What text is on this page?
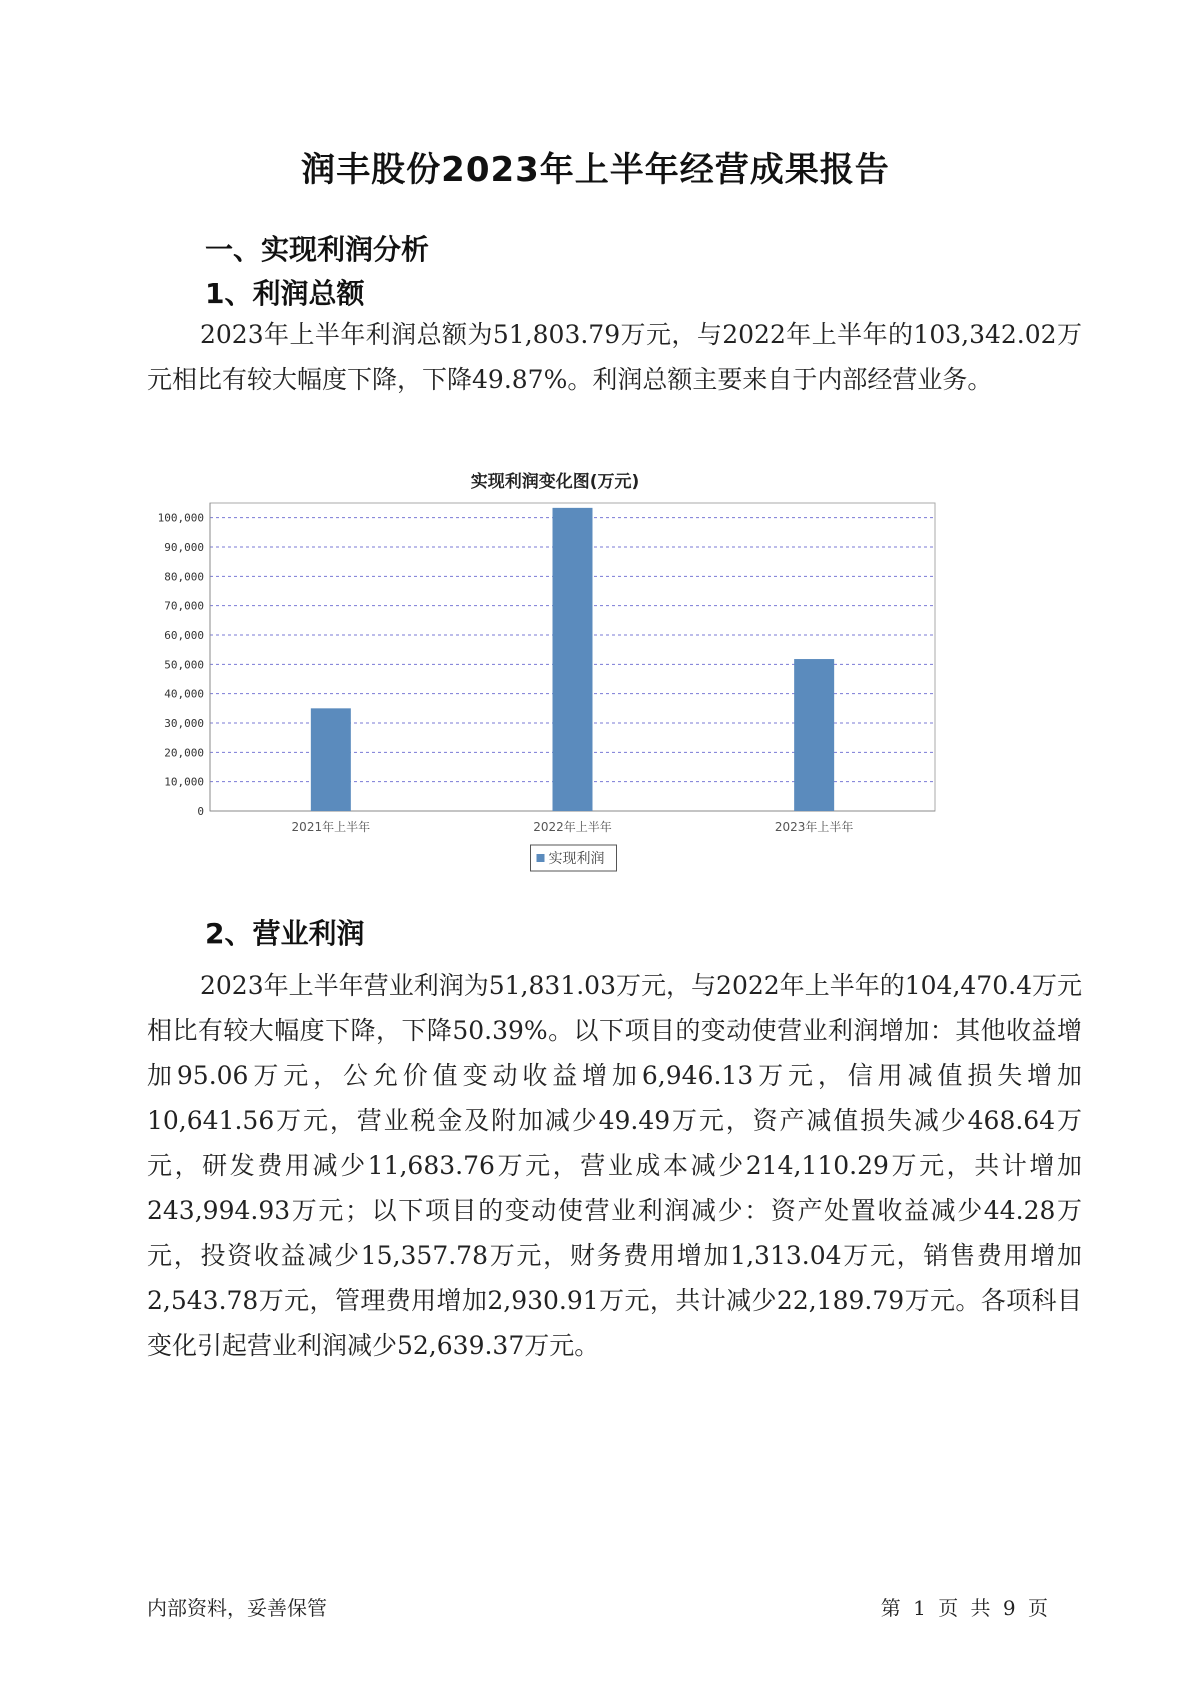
润丰股份2023年上半年经营成果报告
一、实现利润分析
1、利润总额

2023年上半年利润总额为51,803.79万元，与2022年上半年的103,342.02万元相比有较大幅度下降，下降49.87%。利润总额主要来自于内部经营业务。

实现利润变化图(万元)
0
10,000
20,000
30,000
40,000
50,000
60,000
70,000
80,000
90,000
100,000
2021年上半年	2022年上半年	2023年上半年
实现利润
2、营业利润

2023年上半年营业利润为51,831.03万元，与2022年上半年的104,470.4万元相比有较大幅度下降，下降50.39%。以下项目的变动使营业利润增加：其他收益增加95.06万元，公允价值变动收益增加6,946.13万元，信用减值损失增加10,641.56万元，营业税金及附加减少49.49万元，资产减值损失减少468.64万元，研发费用减少11,683.76万元，营业成本减少214,110.29万元，共计增加243,994.93万元；以下项目的变动使营业利润减少：资产处置收益减少44.28万元，投资收益减少15,357.78万元，财务费用增加1,313.04万元，销售费用增加2,543.78万元，管理费用增加2,930.91万元，共计减少22,189.79万元。各项科目变化引起营业利润减少52,639.37万元。

内部资料，妥善保管	第 1 页 共 9 页
